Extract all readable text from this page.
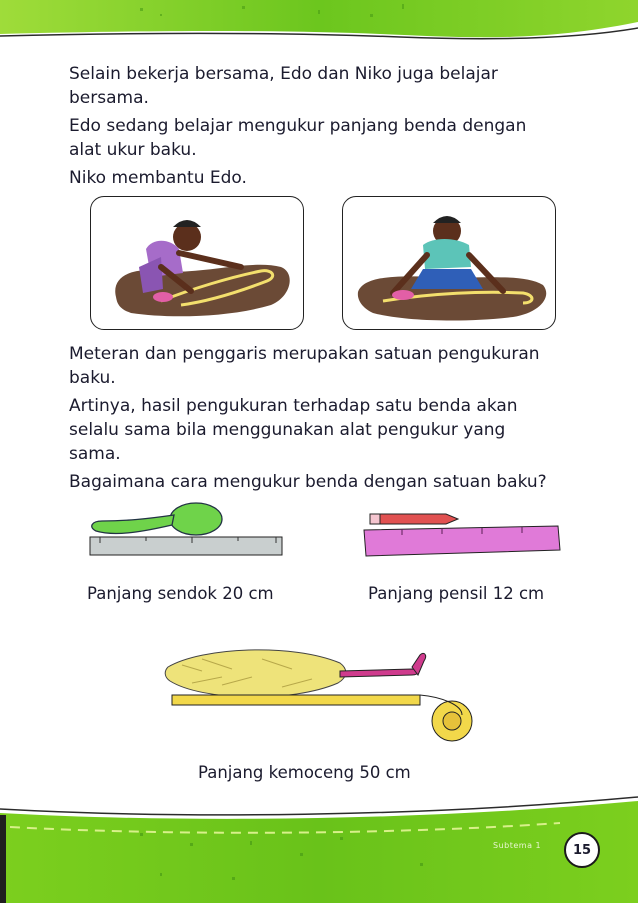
Selain bekerja bersama, Edo dan Niko juga belajar

bersama.

Edo sedang belajar mengukur panjang benda dengan

alat ukur baku.

Niko membantu Edo.

Meteran dan penggaris merupakan satuan pengukuran

baku.

Artinya, hasil pengukuran terhadap satu benda akan

selalu sama bila menggunakan alat pengukur yang

sama.

Bagaimana cara mengukur benda dengan satuan baku?

Panjang sendok 20 cm	Panjang pensil 12 cm
Panjang kemoceng 50 cm
Subtema 1	15
